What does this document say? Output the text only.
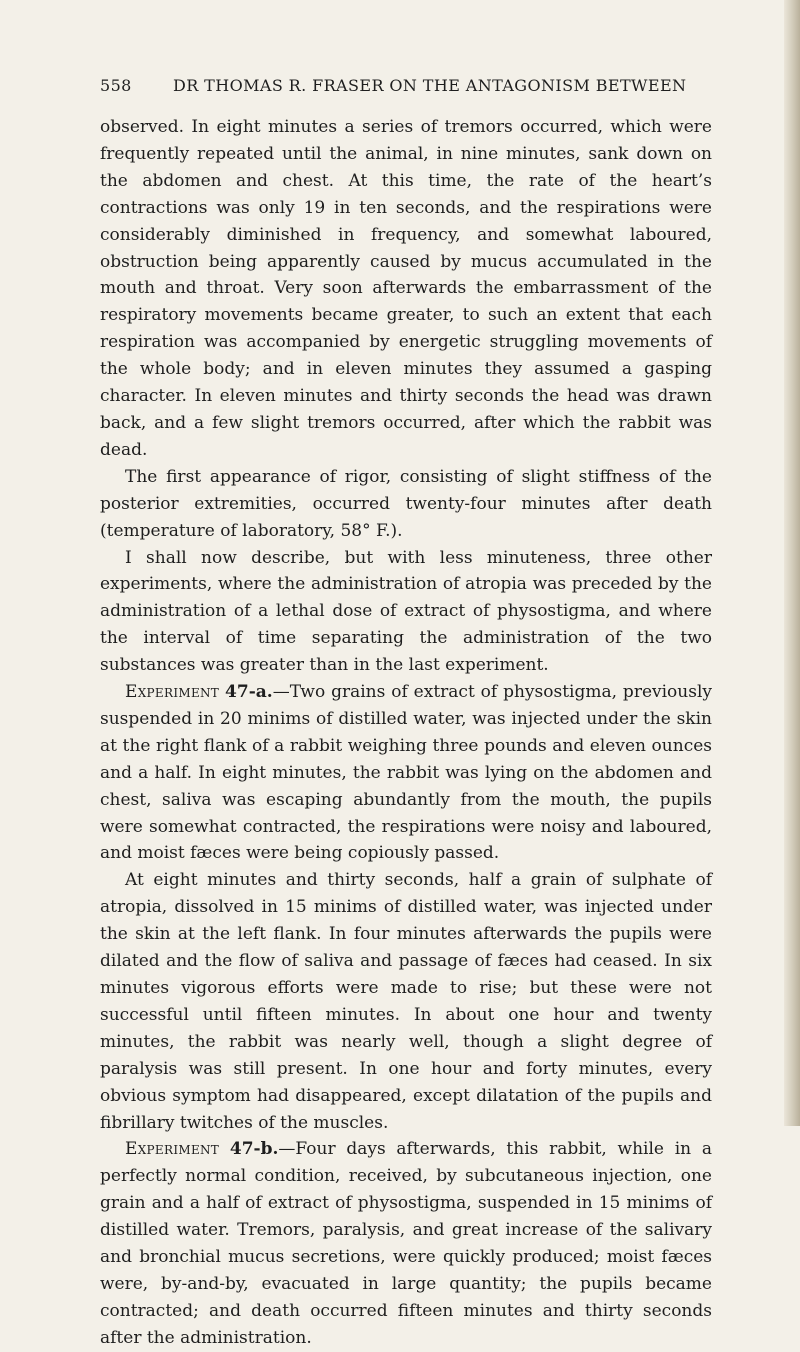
558	DR THOMAS R. FRASER ON THE ANTAGONISM BETWEEN

observed. In eight minutes a series of tremors occurred, which were frequently repeated until the animal, in nine minutes, sank down on the abdomen and chest. At this time, the rate of the heart’s contractions was only 19 in ten seconds, and the respirations were considerably diminished in frequency, and somewhat laboured, obstruction being apparently caused by mucus accumulated in the mouth and throat. Very soon afterwards the embarrassment of the respiratory movements became greater, to such an extent that each respiration was accompanied by energetic struggling movements of the whole body; and in eleven minutes they assumed a gasping character. In eleven minutes and thirty seconds the head was drawn back, and a few slight tremors occurred, after which the rabbit was dead.

The first appearance of rigor, consisting of slight stiffness of the posterior extremities, occurred twenty-four minutes after death (temperature of laboratory, 58° F.).

I shall now describe, but with less minuteness, three other experiments, where the administration of atropia was preceded by the administration of a lethal dose of extract of physostigma, and where the interval of time separating the administration of the two substances was greater than in the last experiment.

Experiment 47-a.—Two grains of extract of physostigma, previously suspended in 20 minims of distilled water, was injected under the skin at the right flank of a rabbit weighing three pounds and eleven ounces and a half. In eight minutes, the rabbit was lying on the abdomen and chest, saliva was escaping abundantly from the mouth, the pupils were somewhat contracted, the respirations were noisy and laboured, and moist fæces were being copiously passed.

At eight minutes and thirty seconds, half a grain of sulphate of atropia, dissolved in 15 minims of distilled water, was injected under the skin at the left flank. In four minutes afterwards the pupils were dilated and the flow of saliva and passage of fæces had ceased. In six minutes vigorous efforts were made to rise; but these were not successful until fifteen minutes. In about one hour and twenty minutes, the rabbit was nearly well, though a slight degree of paralysis was still present. In one hour and forty minutes, every obvious symptom had disappeared, except dilatation of the pupils and fibrillary twitches of the muscles.

Experiment 47-b.—Four days afterwards, this rabbit, while in a perfectly normal condition, received, by subcutaneous injection, one grain and a half of extract of physostigma, suspended in 15 minims of distilled water. Tremors, paralysis, and great increase of the salivary and bronchial mucus secretions, were quickly produced; moist fæces were, by-and-by, evacuated in large quantity; the pupils became contracted; and death occurred fifteen minutes and thirty seconds after the administration.
